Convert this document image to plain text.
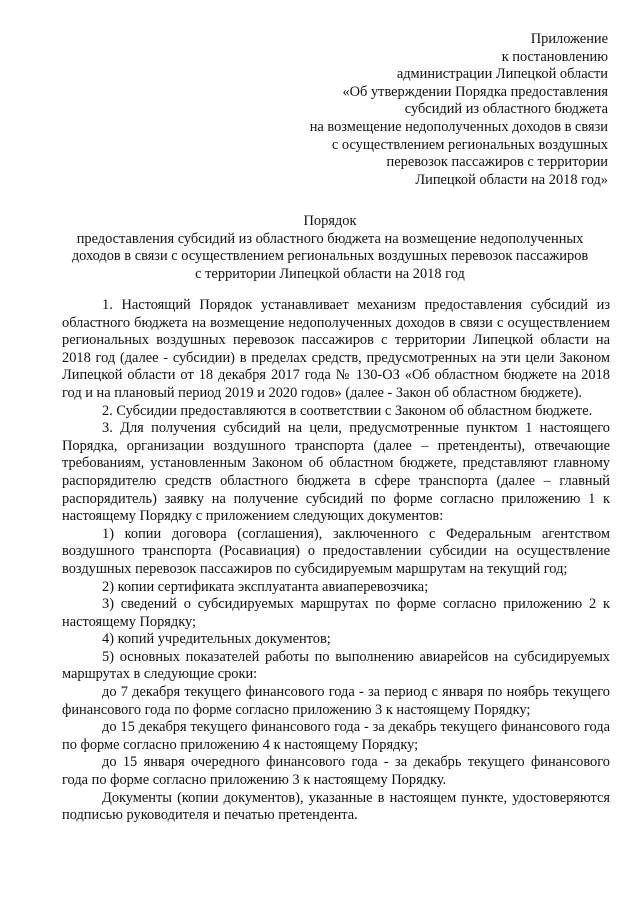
Приложение
к постановлению
администрации Липецкой области
«Об утверждении Порядка предоставления
субсидий из областного бюджета
на возмещение недополученных доходов в связи
с осуществлением региональных воздушных
перевозок пассажиров с территории
Липецкой области на 2018 год»
Порядок
предоставления субсидий из областного бюджета на возмещение недополученных
доходов в связи с осуществлением региональных воздушных перевозок пассажиров
с территории Липецкой области на 2018 год

1. Настоящий Порядок устанавливает механизм предоставления субсидий из областного бюджета на возмещение недополученных доходов в связи с осуществлением региональных воздушных перевозок пассажиров с территории Липецкой области на 2018 год (далее - субсидии) в пределах средств, предусмотренных на эти цели Законом Липецкой области от 18 декабря 2017 года № 130-ОЗ «Об областном бюджете на 2018 год и на плановый период 2019 и 2020 годов» (далее - Закон об областном бюджете).

2. Субсидии предоставляются в соответствии с Законом об областном бюджете.

3. Для получения субсидий на цели, предусмотренные пунктом 1 настоящего Порядка, организации воздушного транспорта (далее – претенденты), отвечающие требованиям, установленным Законом об областном бюджете, представляют главному распорядителю средств областного бюджета в сфере транспорта (далее – главный распорядитель) заявку на получение субсидий по форме согласно приложению 1 к настоящему Порядку с приложением следующих документов:

1) копии договора (соглашения), заключенного с Федеральным агентством воздушного транспорта (Росавиация) о предоставлении субсидии на осуществление воздушных перевозок пассажиров по субсидируемым маршрутам на текущий год;

2) копии сертификата эксплуатанта авиаперевозчика;

3) сведений о субсидируемых маршрутах по форме согласно приложению 2 к настоящему Порядку;

4) копий учредительных документов;

5) основных показателей работы по выполнению авиарейсов на субсидируемых маршрутах в следующие сроки:

до 7 декабря текущего финансового года - за период с января по ноябрь текущего финансового года по форме согласно приложению 3 к настоящему Порядку;

до 15 декабря текущего финансового года - за декабрь текущего финансового года по форме согласно приложению 4 к настоящему Порядку;

до 15 января очередного финансового года - за декабрь текущего финансового года по форме согласно приложению 3 к настоящему Порядку.

Документы (копии документов), указанные в настоящем пункте, удостоверяются подписью руководителя и печатью претендента.
